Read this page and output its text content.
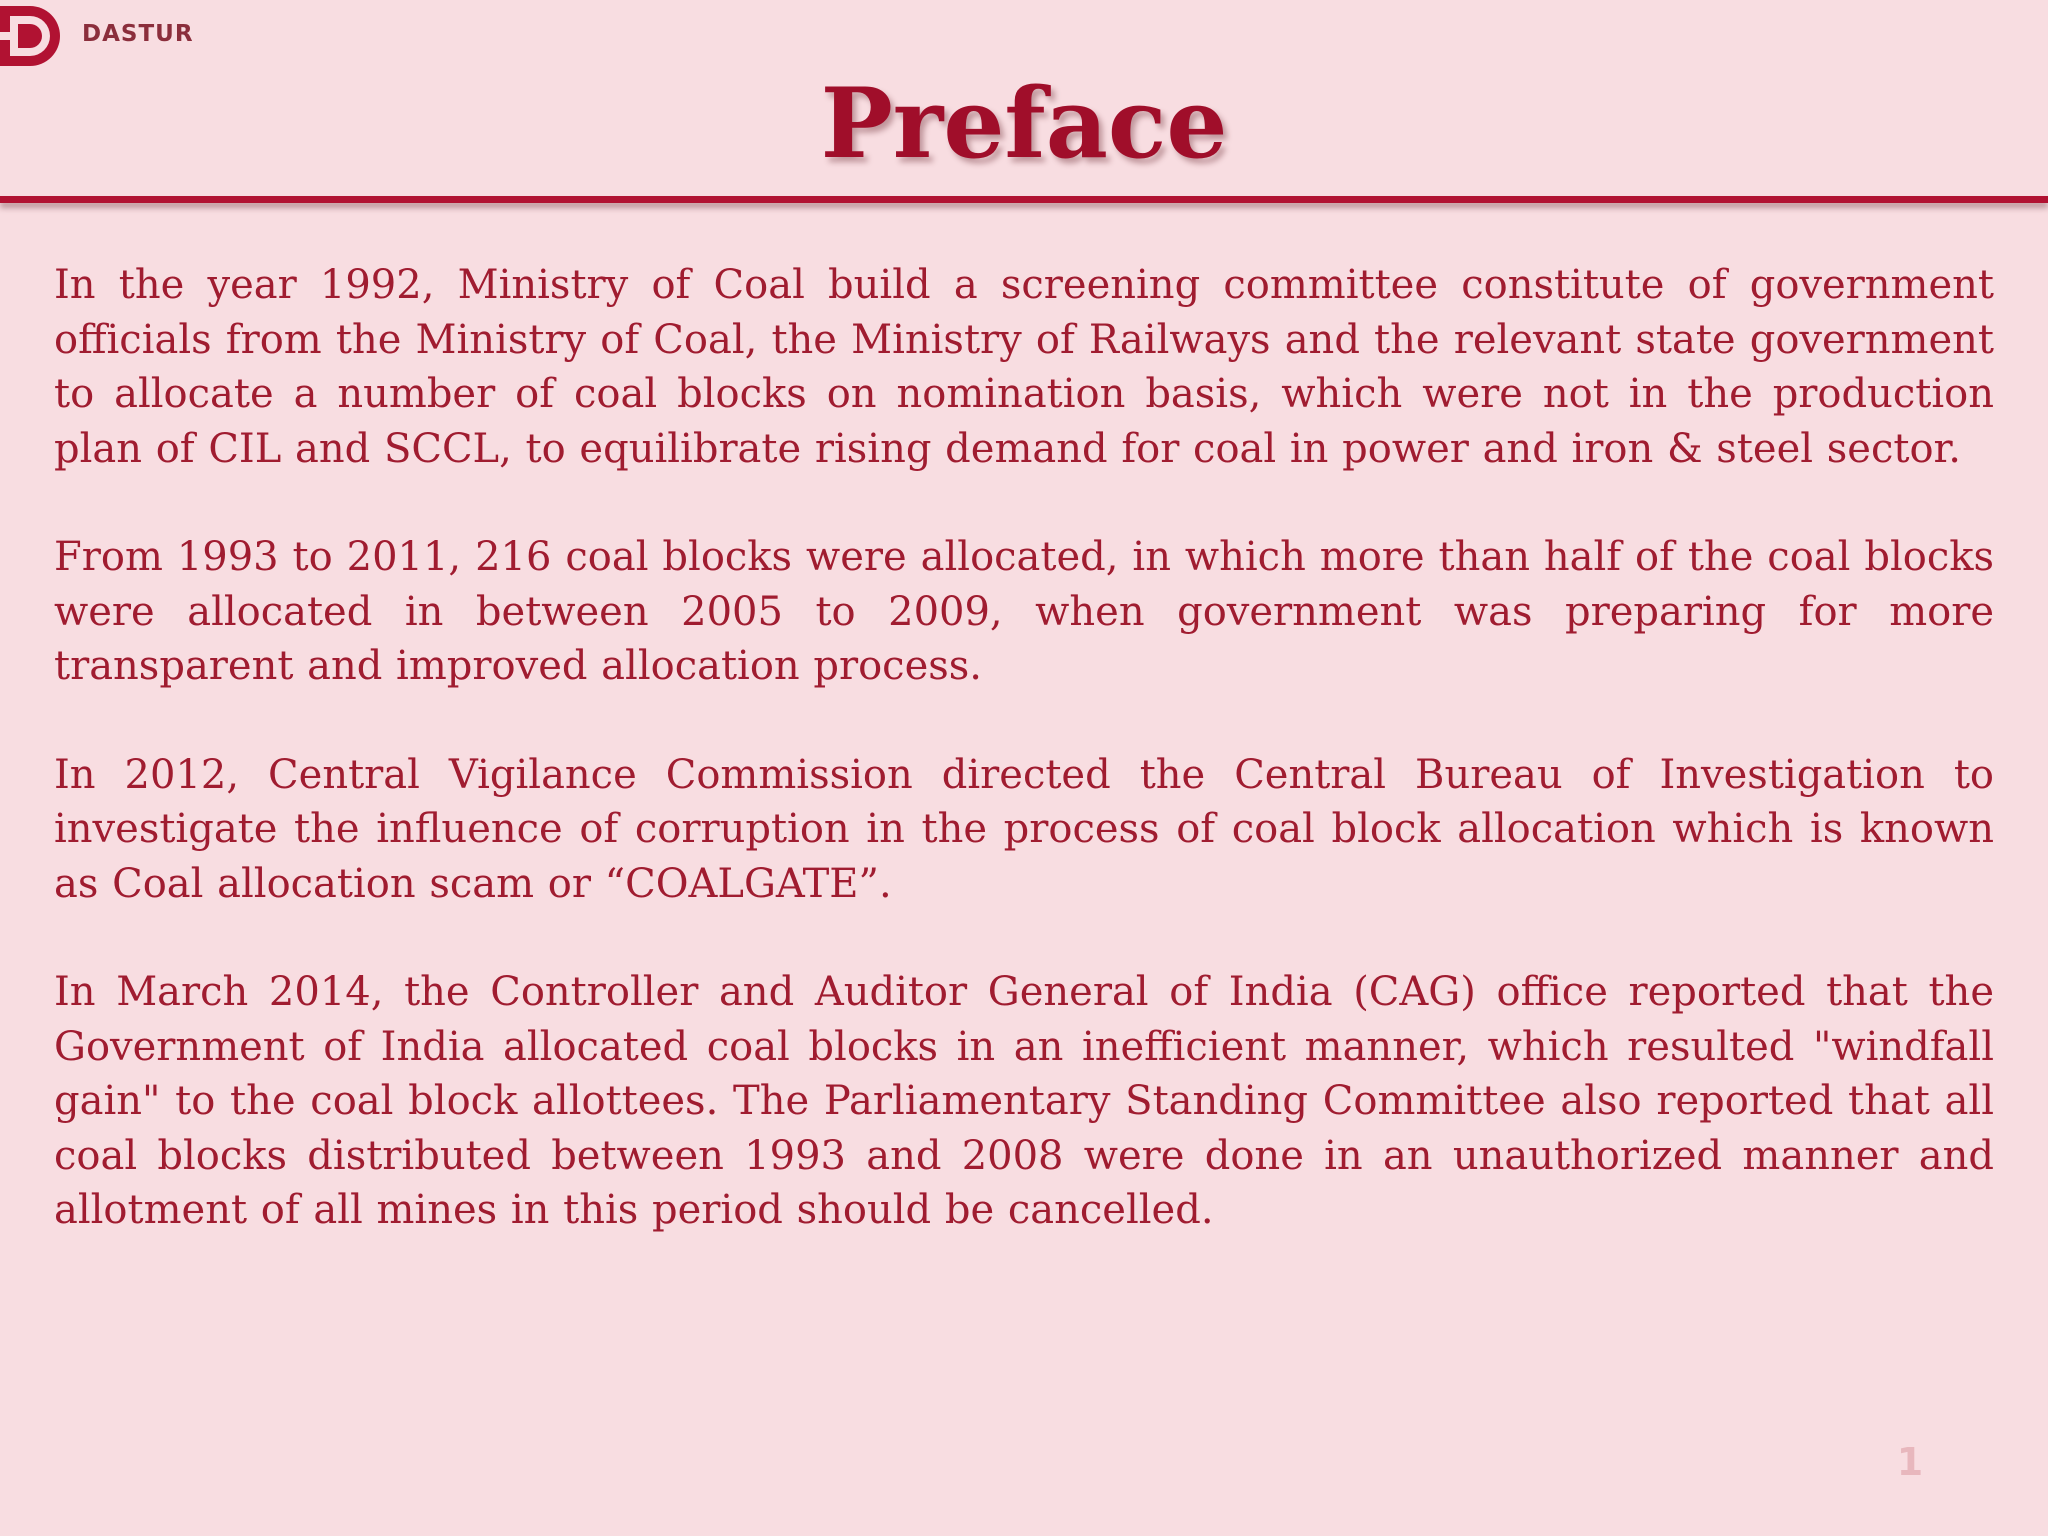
DASTUR
Preface

In the year 1992, Ministry of Coal build a screening committee constitute of government officials from the Ministry of Coal, the Ministry of Railways and the relevant state government to allocate a number of coal blocks on nomination basis, which were not in the production plan of CIL and SCCL, to equilibrate rising demand for coal in power and iron & steel sector.

From 1993 to 2011, 216 coal blocks were allocated, in which more than half of the coal blocks were allocated in between 2005 to 2009, when government was preparing for more transparent and improved allocation process.

In 2012, Central Vigilance Commission directed the Central Bureau of Investigation to investigate the influence of corruption in the process of coal block allocation which is known as Coal allocation scam or “COALGATE”.

In March 2014, the Controller and Auditor General of India (CAG) office reported that the Government of India allocated coal blocks in an inefficient manner, which resulted "windfall gain" to the coal block allottees. The Parliamentary Standing Committee also reported that all coal blocks distributed between 1993 and 2008 were done in an unauthorized manner and allotment of all mines in this period should be cancelled.

1
